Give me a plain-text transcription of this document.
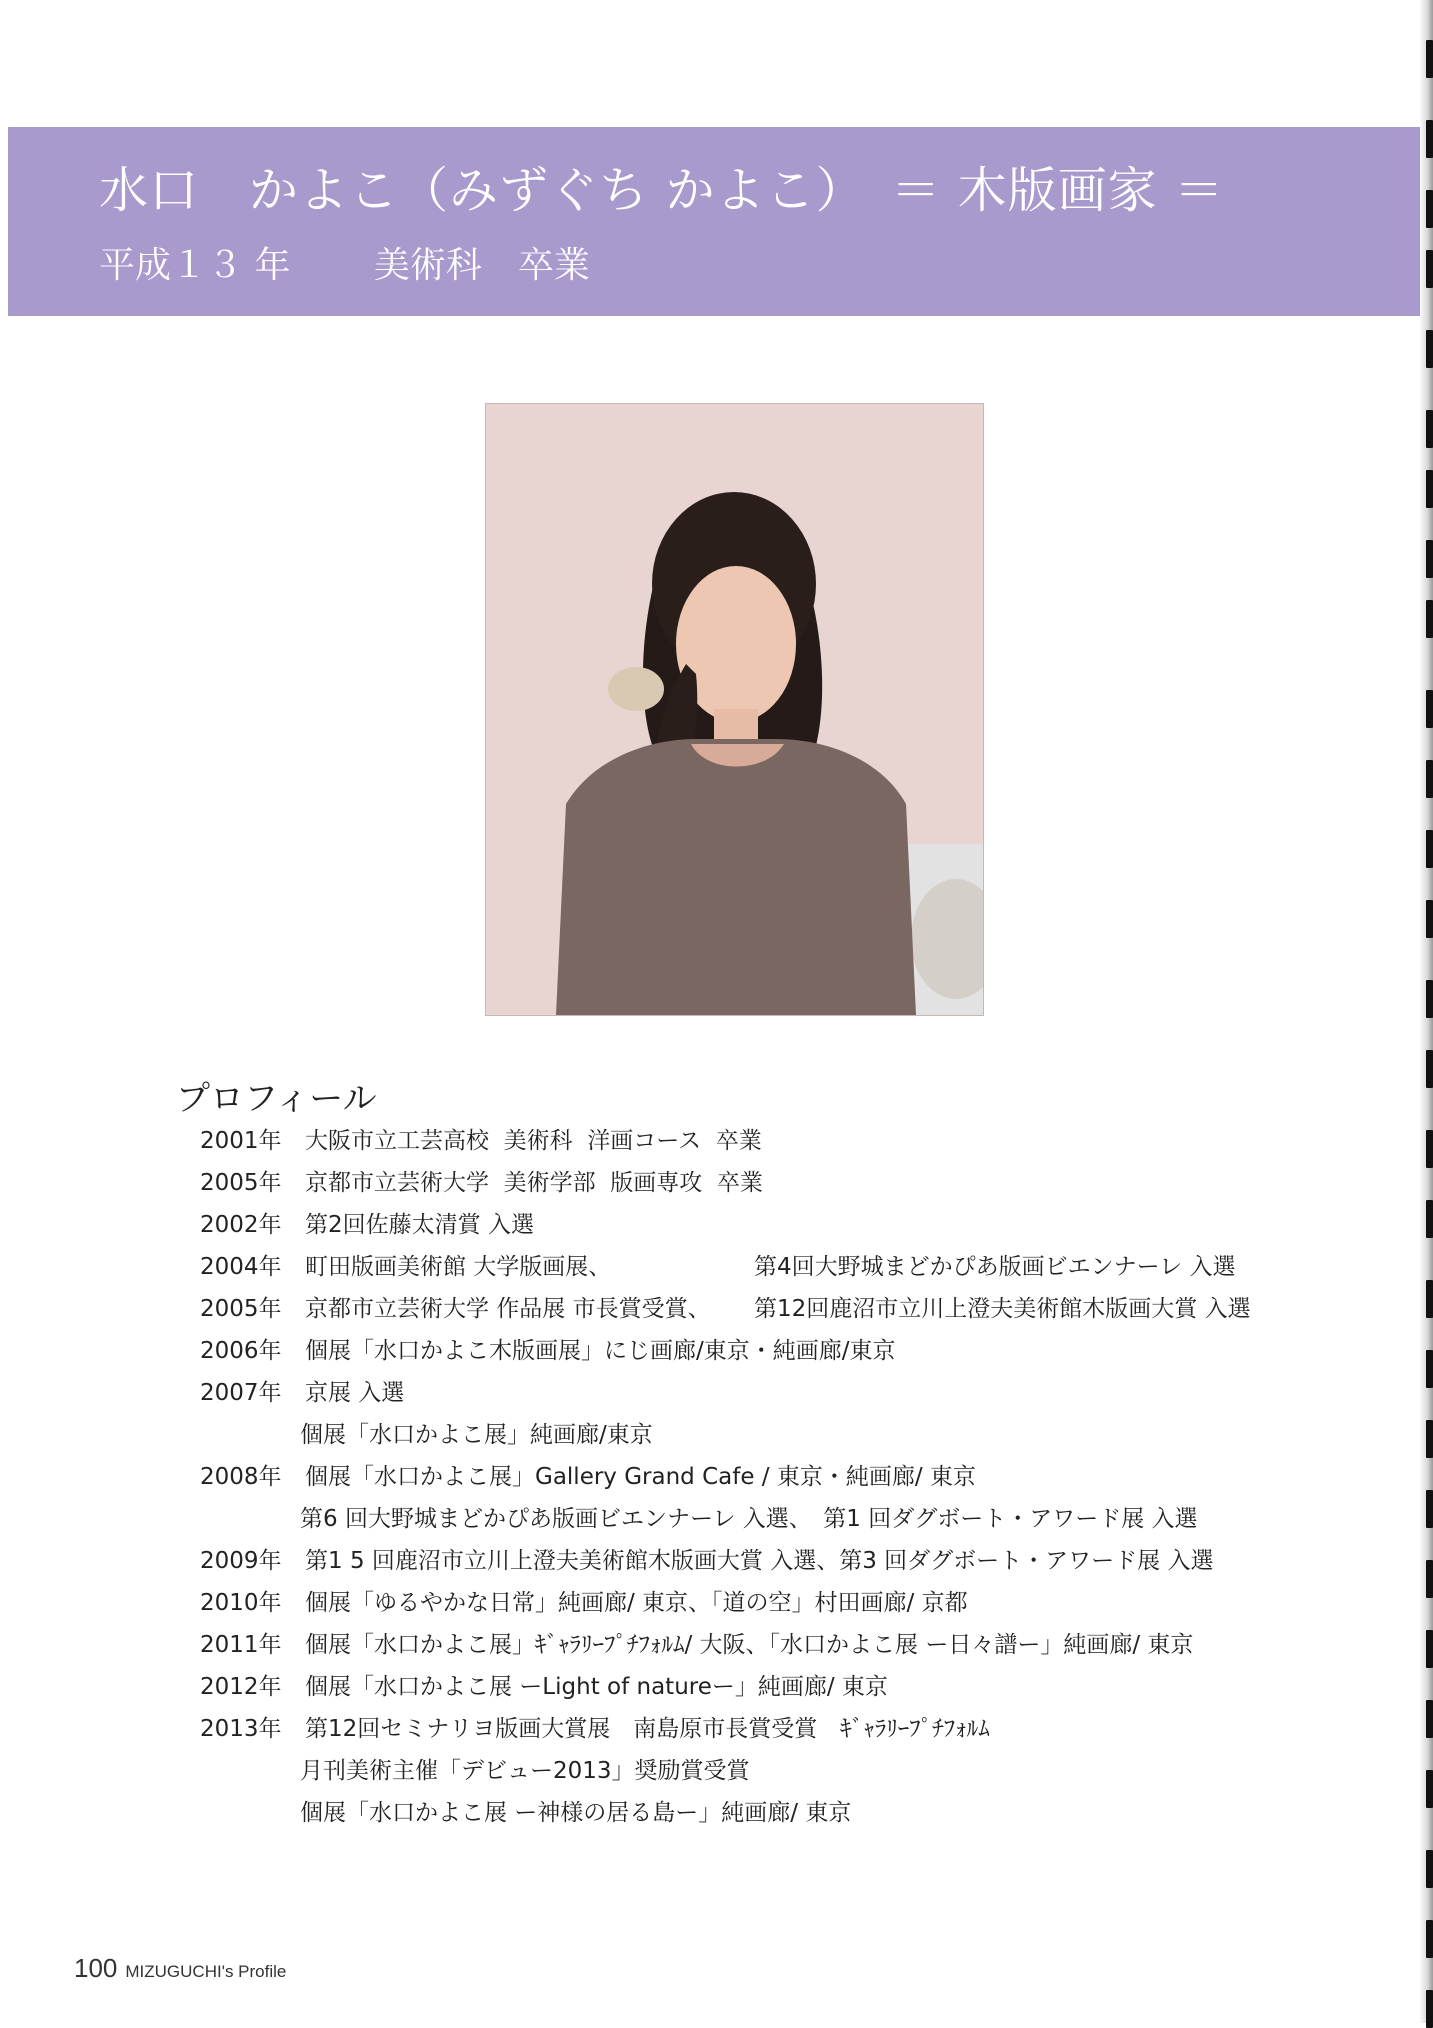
水口　かよこ（みずぐち かよこ）　＝ 木版画家 ＝
平成１３ 年　　 美術科　卒業
プロフィール
2001年 大阪市立工芸高校  美術科  洋画コース  卒業
2005年 京都市立芸術大学  美術学部  版画専攻  卒業
2002年 第2回佐藤太清賞 入選
2004年 町田版画美術館 大学版画展、	第4回大野城まどかぴあ版画ビエンナーレ 入選
2005年 京都市立芸術大学 作品展 市長賞受賞、 第12回鹿沼市立川上澄夫美術館木版画大賞 入選
2006年 個展「水口かよこ木版画展」にじ画廊/東京・純画廊/東京
2007年 京展 入選
個展「水口かよこ展」純画廊/東京
2008年 個展「水口かよこ展」Gallery Grand Cafe / 東京・純画廊/ 東京
第6 回大野城まどかぴあ版画ビエンナーレ 入選、　第1 回ダグボート・アワード展 入選
2009年 第1 5 回鹿沼市立川上澄夫美術館木版画大賞 入選、第3 回ダグボート・アワード展 入選
2010年 個展「ゆるやかな日常」純画廊/ 東京、「道の空」村田画廊/ 京都
2011年 個展「水口かよこ展」ｷﾞｬﾗﾘｰﾌﾟﾁﾌｫﾙﾑ/ 大阪、「水口かよこ展 ー日々譜ー」純画廊/ 東京
2012年 個展「水口かよこ展 ーLight of natureー」純画廊/ 東京
2013年 第12回セミナリヨ版画大賞展　南島原市長賞受賞　ｷﾞｬﾗﾘｰﾌﾟﾁﾌｫﾙﾑ
月刊美術主催「デビュー2013」奨励賞受賞
個展「水口かよこ展 ー神様の居る島ー」純画廊/ 東京
100 MIZUGUCHI's Profile
